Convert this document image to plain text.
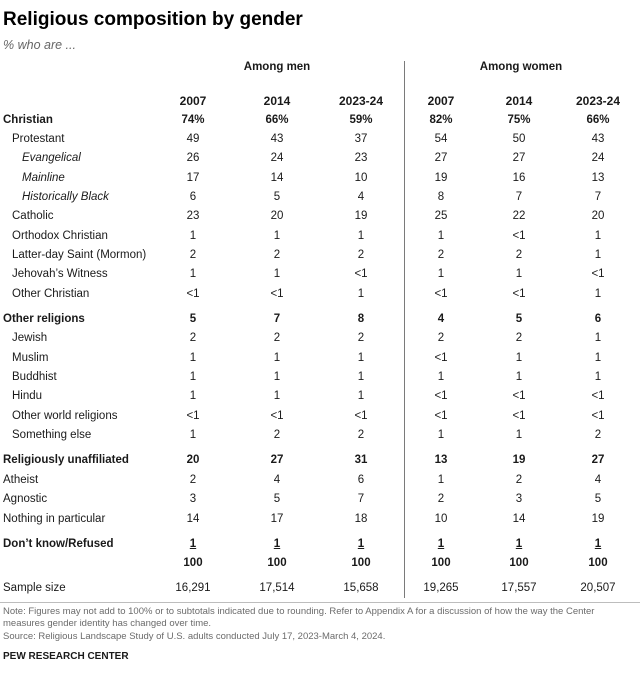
Religious composition by gender
% who are ...
Among men	Among women
2007	2014	2023-24	2007	2014	2023-24
Christian	74%	66%	59%	82%	75%	66%
Protestant	49	43	37	54	50	43
Evangelical	26	24	23	27	27	24
Mainline	17	14	10	19	16	13
Historically Black	6	5	4	8	7	7
Catholic	23	20	19	25	22	20
Orthodox Christian	1	1	1	1	<1	1
Latter-day Saint (Mormon)	2	2	2	2	2	1
Jehovah’s Witness	1	1	<1	1	1	<1
Other Christian	<1	<1	1	<1	<1	1
Other religions	5	7	8	4	5	6
Jewish	2	2	2	2	2	1
Muslim	1	1	1	<1	1	1
Buddhist	1	1	1	1	1	1
Hindu	1	1	1	<1	<1	<1
Other world religions	<1	<1	<1	<1	<1	<1
Something else	1	2	2	1	1	2
Religiously unaffiliated	20	27	31	13	19	27
Atheist	2	4	6	1	2	4
Agnostic	3	5	7	2	3	5
Nothing in particular	14	17	18	10	14	19
Don’t know/Refused	1	1	1	1	1	1
100	100	100	100	100	100
Sample size	16,291	17,514	15,658	19,265	17,557	20,507
Note: Figures may not add to 100% or to subtotals indicated due to rounding. Refer to Appendix A for a discussion of how the way the Center measures gender identity has changed over time.
Source: Religious Landscape Study of U.S. adults conducted July 17, 2023-March 4, 2024.
PEW RESEARCH CENTER
